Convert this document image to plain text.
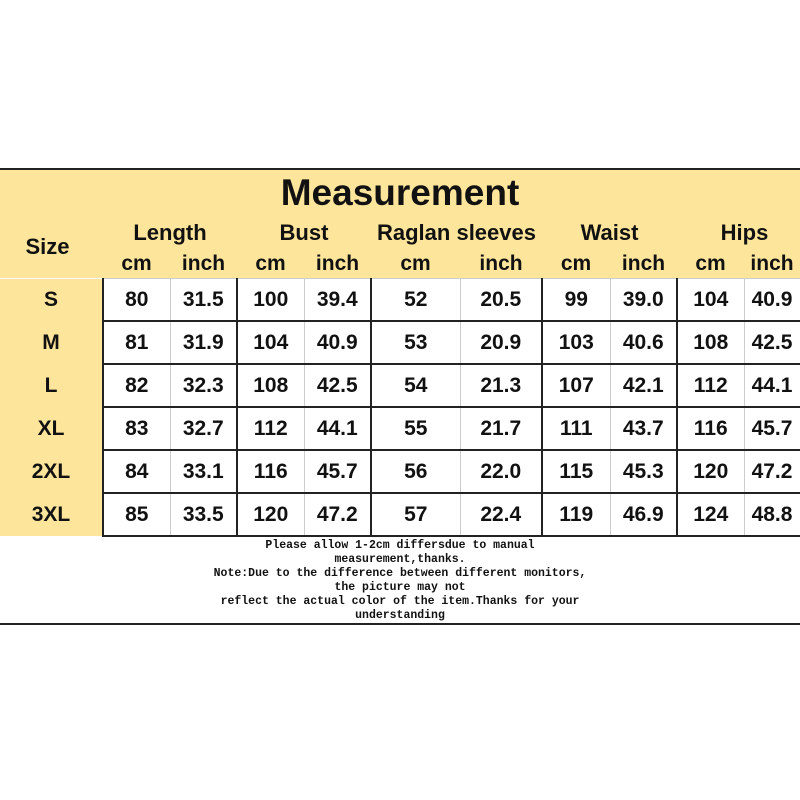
Measurement
Size
Length	Bust	Raglan sleeves	Waist	Hips
cm	inch	cm	inch	cm	inch	cm	inch	cm	inch
S	80	31.5	100	39.4	52	20.5	99	39.0	104	40.9
M	81	31.9	104	40.9	53	20.9	103	40.6	108	42.5
L	82	32.3	108	42.5	54	21.3	107	42.1	112	44.1
XL	83	32.7	112	44.1	55	21.7	111	43.7	116	45.7
2XL	84	33.1	116	45.7	56	22.0	115	45.3	120	47.2
3XL	85	33.5	120	47.2	57	22.4	119	46.9	124	48.8
Please allow 1-2cm differsdue to manual
measurement,thanks.
Note:Due to the difference between different monitors,
the picture may not
reflect the actual color of the item.Thanks for your
understanding
